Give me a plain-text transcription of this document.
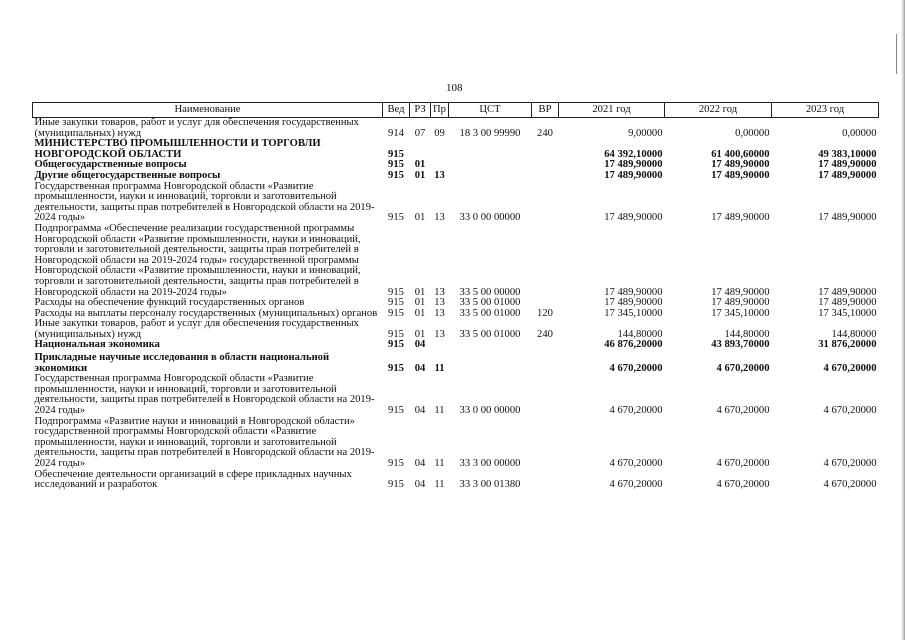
108
Наименование	Вед	РЗ	Пр	ЦСТ	ВР	2021 год	2022 год	2023 год
Иные закупки товаров, работ и услуг для обеспечения государственных (муниципальных) нужд	914	07	09	18 3 00 99990	240	9,00000	0,00000	0,00000
МИНИСТЕРСТВО ПРОМЫШЛЕННОСТИ И ТОРГОВЛИ НОВГОРОДСКОЙ ОБЛАСТИ	915					64 392,10000	61 400,60000	49 383,10000
Общегосударственные вопросы	915	01				17 489,90000	17 489,90000	17 489,90000
Другие общегосударственные вопросы	915	01	13			17 489,90000	17 489,90000	17 489,90000
Государственная программа Новгородской области «Развитие промышленности, науки и инноваций, торговли и заготовительной деятельности, защиты прав потребителей в Новгородской области на 2019-2024 годы»	915	01	13	33 0 00 00000		17 489,90000	17 489,90000	17 489,90000
Подпрограмма «Обеспечение реализации государственной программы Новгородской области «Развитие промышленности, науки и инноваций, торговли и заготовительной деятельности, защиты прав потребителей в Новгородской области на 2019-2024 годы» государственной программы Новгородской области «Развитие промышленности, науки и инноваций, торговли и заготовительной деятельности, защиты прав потребителей в Новгородской области на 2019-2024 годы»	915	01	13	33 5 00 00000		17 489,90000	17 489,90000	17 489,90000
Расходы на обеспечение функций государственных органов	915	01	13	33 5 00 01000		17 489,90000	17 489,90000	17 489,90000
Расходы на выплаты персоналу государственных (муниципальных) органов	915	01	13	33 5 00 01000	120	17 345,10000	17 345,10000	17 345,10000
Иные закупки товаров, работ и услуг для обеспечения государственных (муниципальных) нужд	915	01	13	33 5 00 01000	240	144,80000	144,80000	144,80000
Национальная экономика	915	04				46 876,20000	43 893,70000	31 876,20000
Прикладные научные исследования в области национальной экономики	915	04	11			4 670,20000	4 670,20000	4 670,20000
Государственная программа Новгородской области «Развитие промышленности, науки и инноваций, торговли и заготовительной деятельности, защиты прав потребителей в Новгородской области на 2019-2024 годы»	915	04	11	33 0 00 00000		4 670,20000	4 670,20000	4 670,20000
Подпрограмма «Развитие науки и инноваций в Новгородской области» государственной программы Новгородской области «Развитие промышленности, науки и инноваций, торговли и заготовительной деятельности, защиты прав потребителей в Новгородской области на 2019-2024 годы»	915	04	11	33 3 00 00000		4 670,20000	4 670,20000	4 670,20000
Обеспечение деятельности организаций в сфере прикладных научных исследований и разработок	915	04	11	33 3 00 01380		4 670,20000	4 670,20000	4 670,20000
